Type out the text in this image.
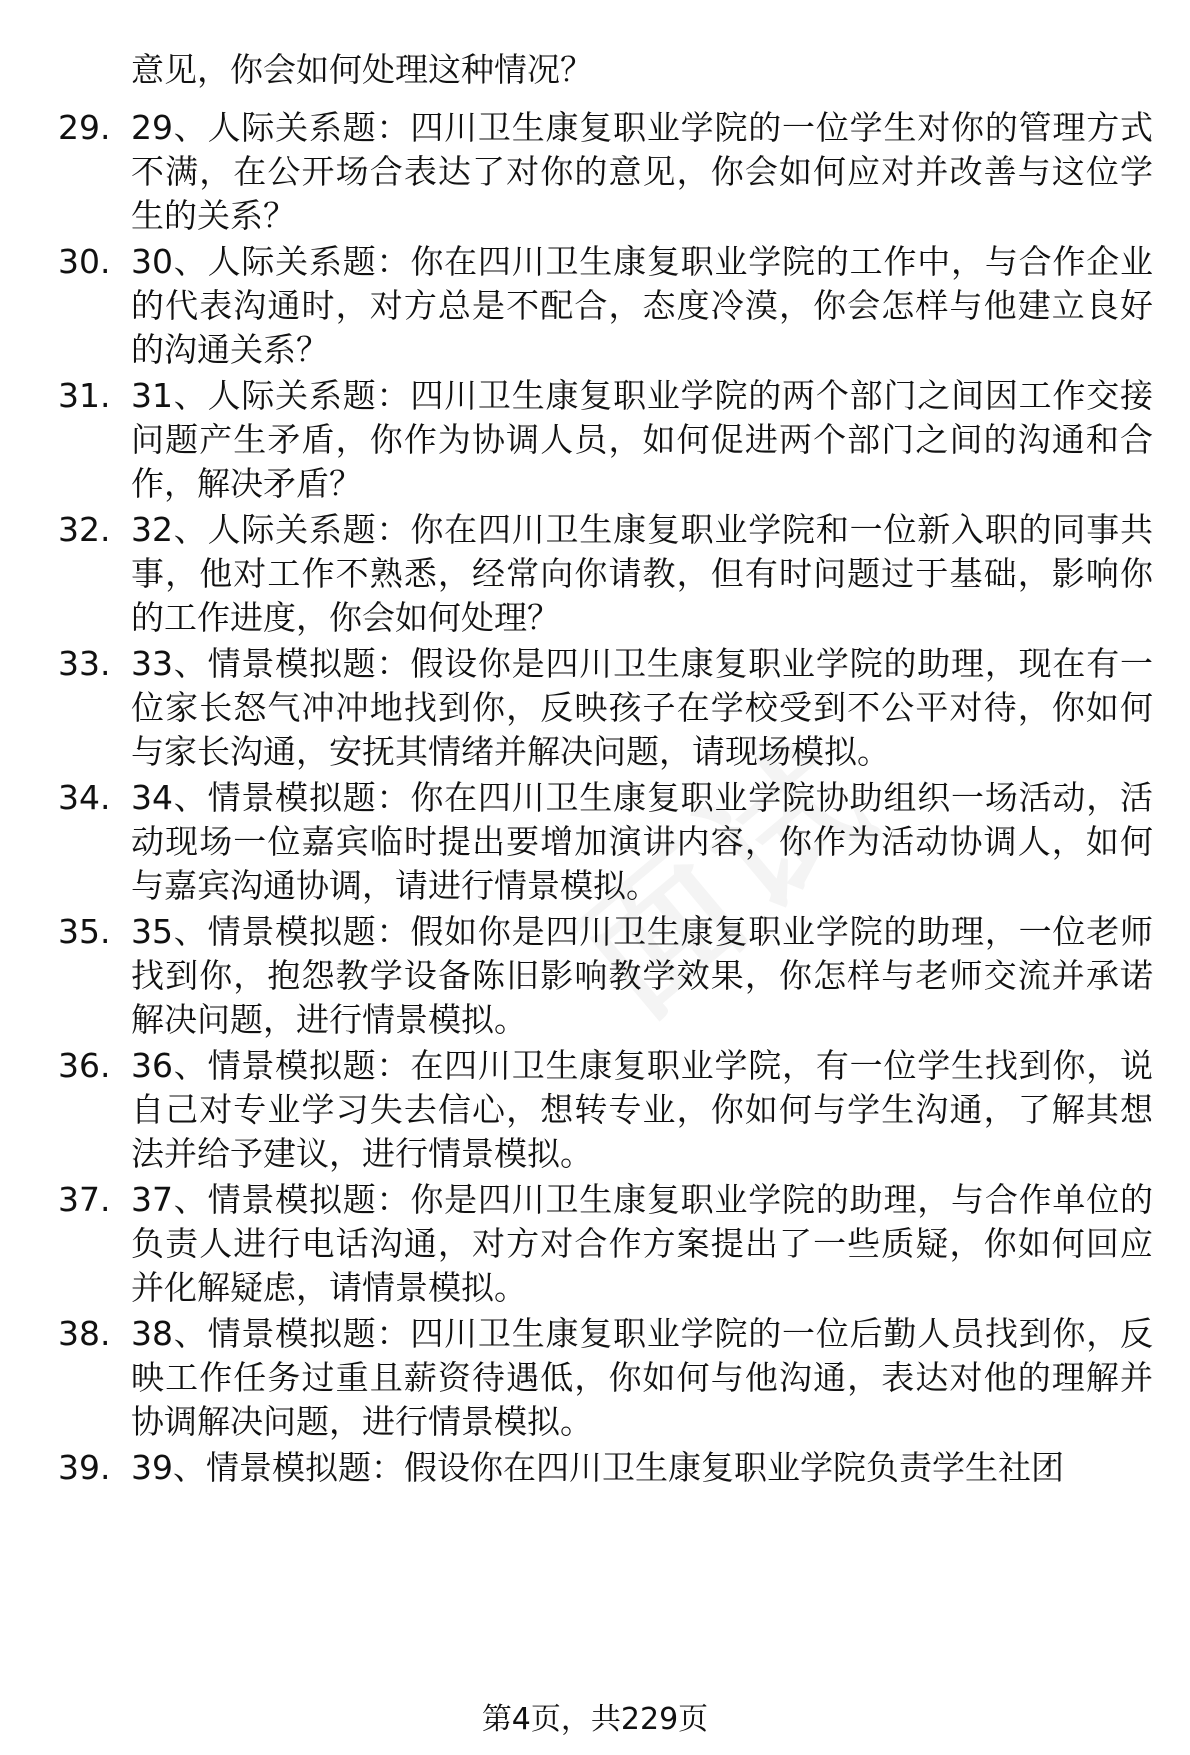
意见，你会如何处理这种情况？

29. 29、人际关系题：四川卫生康复职业学院的一位学生对你的管理方式不满，在公开场合表达了对你的意见，你会如何应对并改善与这位学生的关系？

30. 30、人际关系题：你在四川卫生康复职业学院的工作中，与合作企业的代表沟通时，对方总是不配合，态度冷漠，你会怎样与他建立良好的沟通关系？

31. 31、人际关系题：四川卫生康复职业学院的两个部门之间因工作交接问题产生矛盾，你作为协调人员，如何促进两个部门之间的沟通和合作，解决矛盾？

32. 32、人际关系题：你在四川卫生康复职业学院和一位新入职的同事共事，他对工作不熟悉，经常向你请教，但有时问题过于基础，影响你的工作进度，你会如何处理？

33. 33、情景模拟题：假设你是四川卫生康复职业学院的助理，现在有一位家长怒气冲冲地找到你，反映孩子在学校受到不公平对待，你如何与家长沟通，安抚其情绪并解决问题，请现场模拟。

34. 34、情景模拟题：你在四川卫生康复职业学院协助组织一场活动，活动现场一位嘉宾临时提出要增加演讲内容，你作为活动协调人，如何与嘉宾沟通协调，请进行情景模拟。

35. 35、情景模拟题：假如你是四川卫生康复职业学院的助理，一位老师找到你，抱怨教学设备陈旧影响教学效果，你怎样与老师交流并承诺解决问题，进行情景模拟。

36. 36、情景模拟题：在四川卫生康复职业学院，有一位学生找到你，说自己对专业学习失去信心，想转专业，你如何与学生沟通，了解其想法并给予建议，进行情景模拟。

37. 37、情景模拟题：你是四川卫生康复职业学院的助理，与合作单位的负责人进行电话沟通，对方对合作方案提出了一些质疑，你如何回应并化解疑虑，请情景模拟。

38. 38、情景模拟题：四川卫生康复职业学院的一位后勤人员找到你，反映工作任务过重且薪资待遇低，你如何与他沟通，表达对他的理解并协调解决问题，进行情景模拟。

39. 39、情景模拟题：假设你在四川卫生康复职业学院负责学生社团

第4页，共229页
